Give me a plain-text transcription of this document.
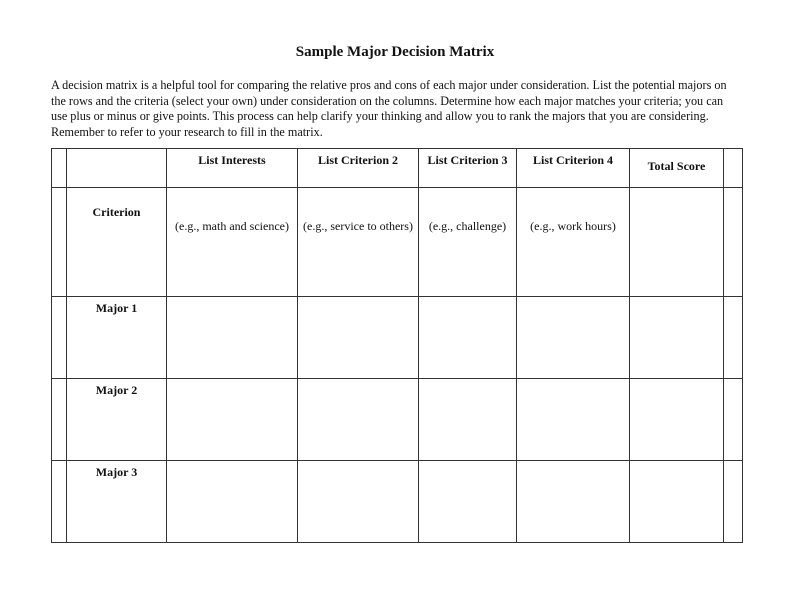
Sample Major Decision Matrix
A decision matrix is a helpful tool for comparing the relative pros and cons of each major under consideration. List the potential majors on the rows and the criteria (select your own) under consideration on the columns. Determine how each major matches your criteria; you can use plus or minus or give points. This process can help clarify your thinking and allow you to rank the majors that you are considering. Remember to refer to your research to fill in the matrix.
		List Interests	List Criterion 2	List Criterion 3	List Criterion 4	Total Score	
	Criterion	(e.g., math and science)	(e.g., service to others)	(e.g., challenge)	(e.g., work hours)		
	Major 1						
	Major 2						
	Major 3						
